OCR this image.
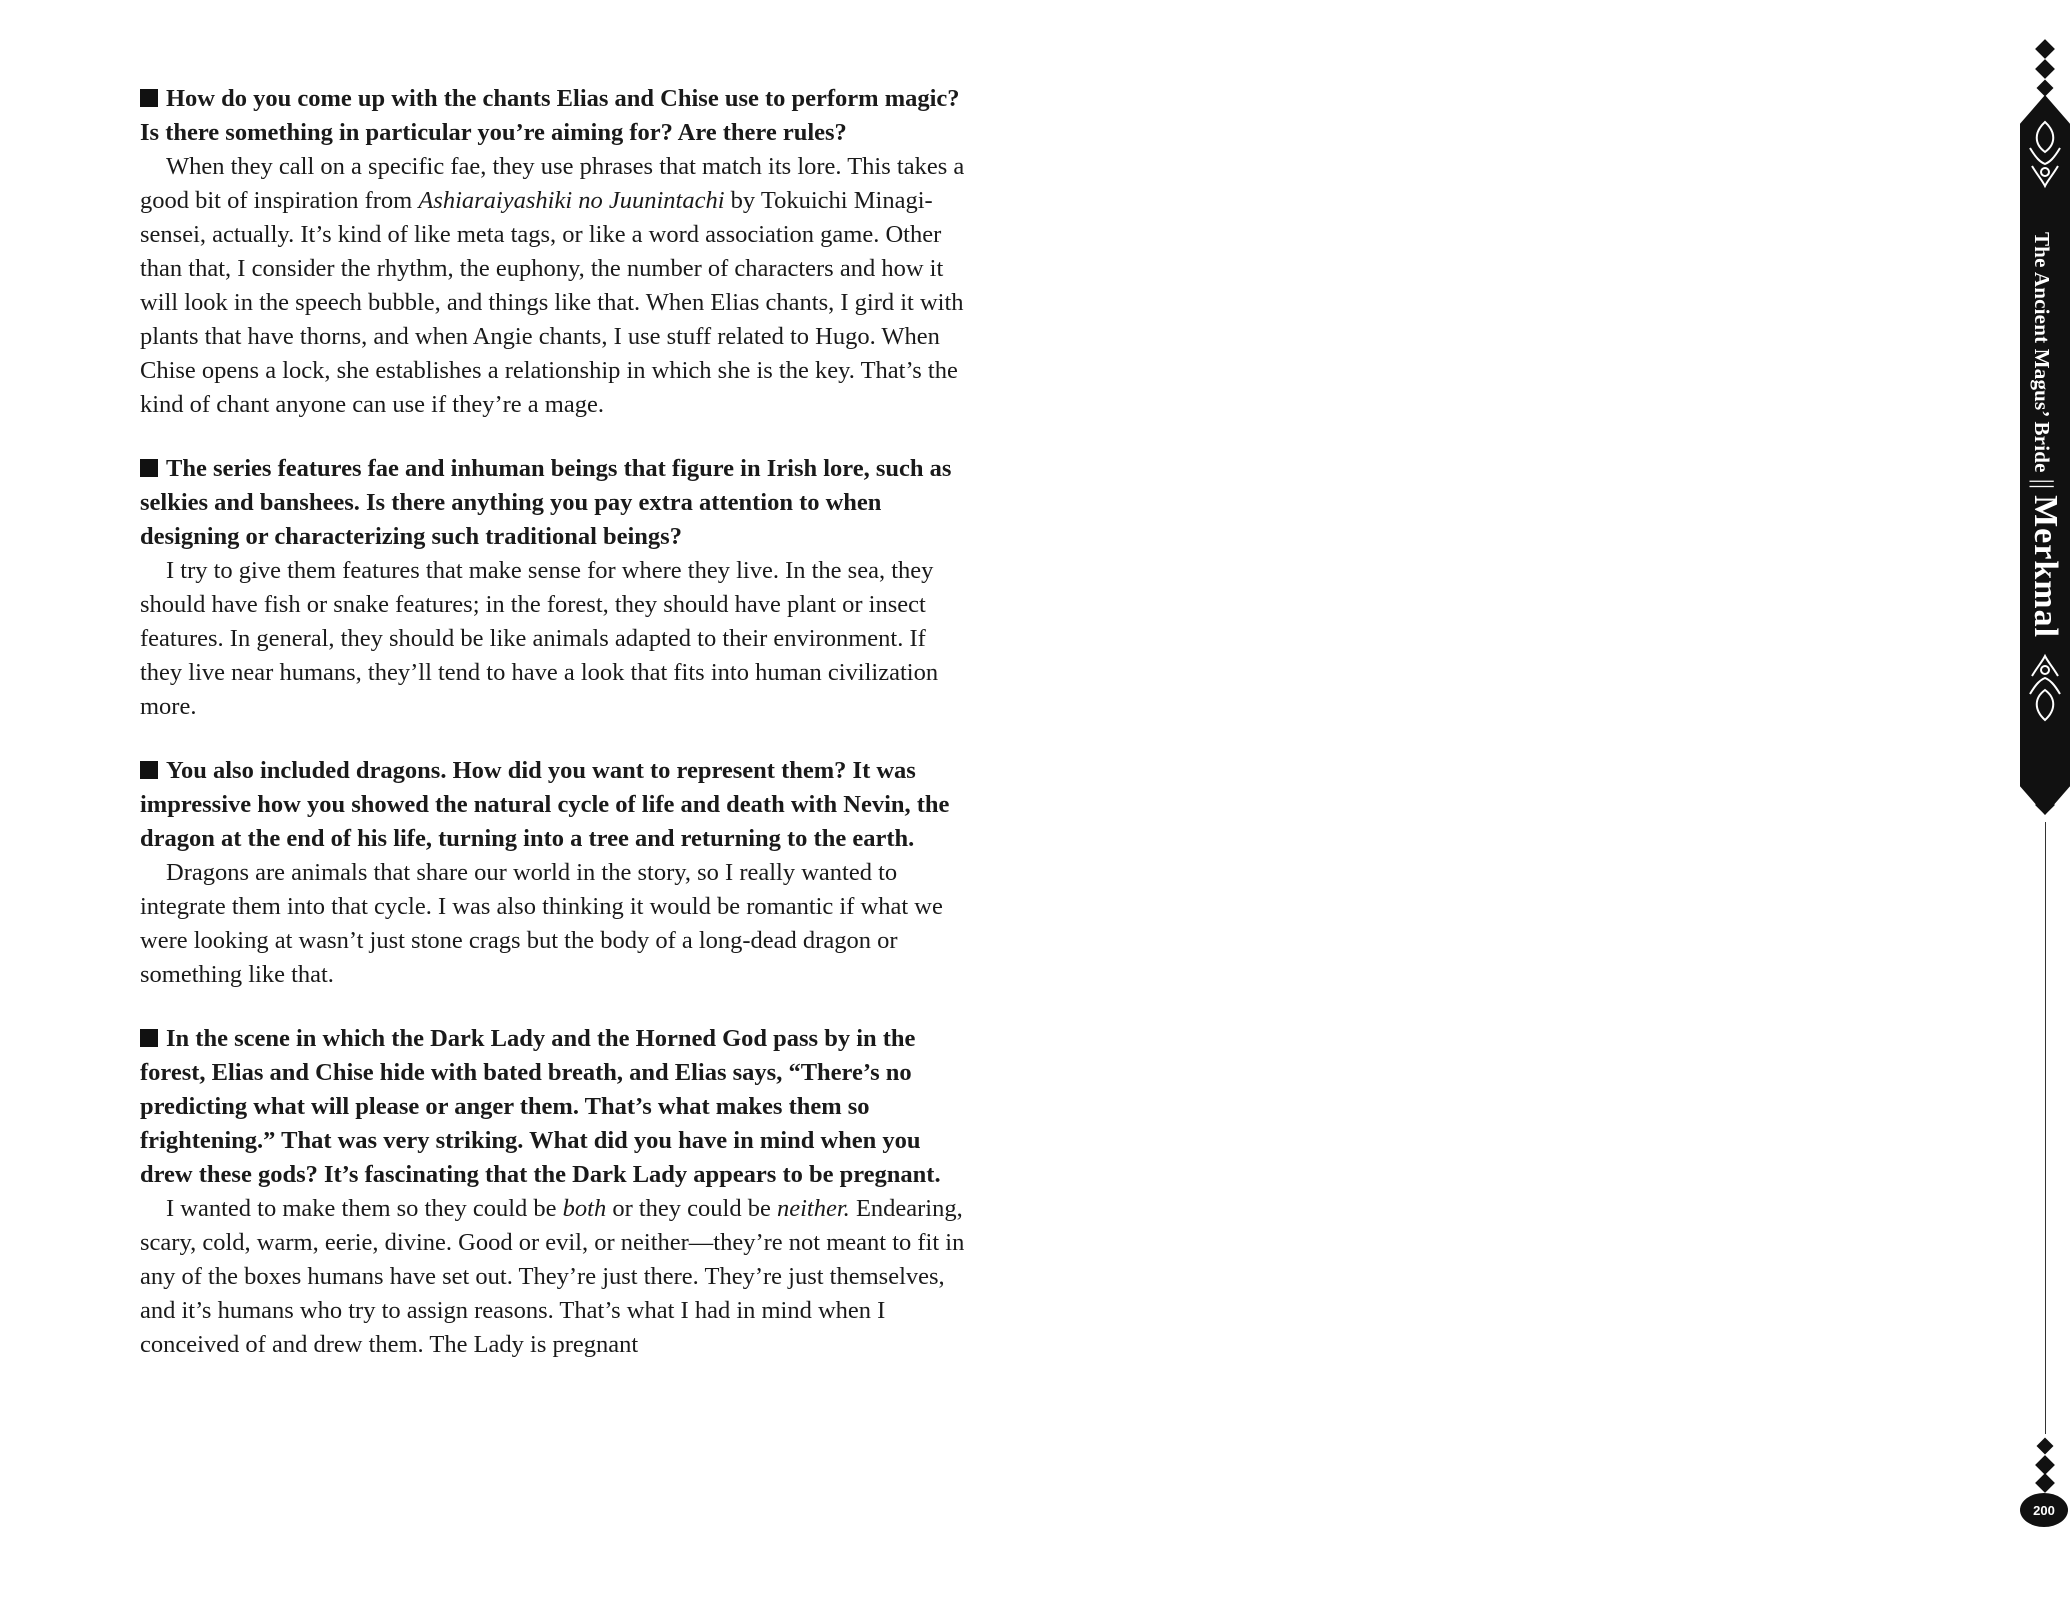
How do you come up with the chants Elias and Chise use to perform magic? Is there something in particular you’re aiming for? Are there rules?

When they call on a specific fae, they use phrases that match its lore. This takes a good bit of inspiration from Ashiaraiyashiki no Juunintachi by Tokuichi Minagi-sensei, actually. It’s kind of like meta tags, or like a word association game. Other than that, I consider the rhythm, the euphony, the number of characters and how it will look in the speech bubble, and things like that. When Elias chants, I gird it with plants that have thorns, and when Angie chants, I use stuff related to Hugo. When Chise opens a lock, she establishes a relationship in which she is the key. That’s the kind of chant anyone can use if they’re a mage.

The series features fae and inhuman beings that figure in Irish lore, such as selkies and banshees. Is there anything you pay extra attention to when designing or characterizing such traditional beings?

I try to give them features that make sense for where they live. In the sea, they should have fish or snake features; in the forest, they should have plant or insect features. In general, they should be like animals adapted to their environment. If they live near humans, they’ll tend to have a look that fits into human civilization more.

You also included dragons. How did you want to represent them? It was impressive how you showed the natural cycle of life and death with Nevin, the dragon at the end of his life, turning into a tree and returning to the earth.

Dragons are animals that share our world in the story, so I really wanted to integrate them into that cycle. I was also thinking it would be romantic if what we were looking at wasn’t just stone crags but the body of a long-dead dragon or something like that.

In the scene in which the Dark Lady and the Horned God pass by in the forest, Elias and Chise hide with bated breath, and Elias says, “There’s no predicting what will please or anger them. That’s what makes them so frightening.” That was very striking. What did you have in mind when you drew these gods? It’s fascinating that the Dark Lady appears to be pregnant.

I wanted to make them so they could be both or they could be neither. Endearing, scary, cold, warm, eerie, divine. Good or evil, or neither—they’re not meant to fit in any of the boxes humans have set out. They’re just there. They’re just themselves, and it’s humans who try to assign reasons. That’s what I had in mind when I conceived of and drew them. The Lady is pregnant

The Ancient Magus’ Bride||Merkmal
200
